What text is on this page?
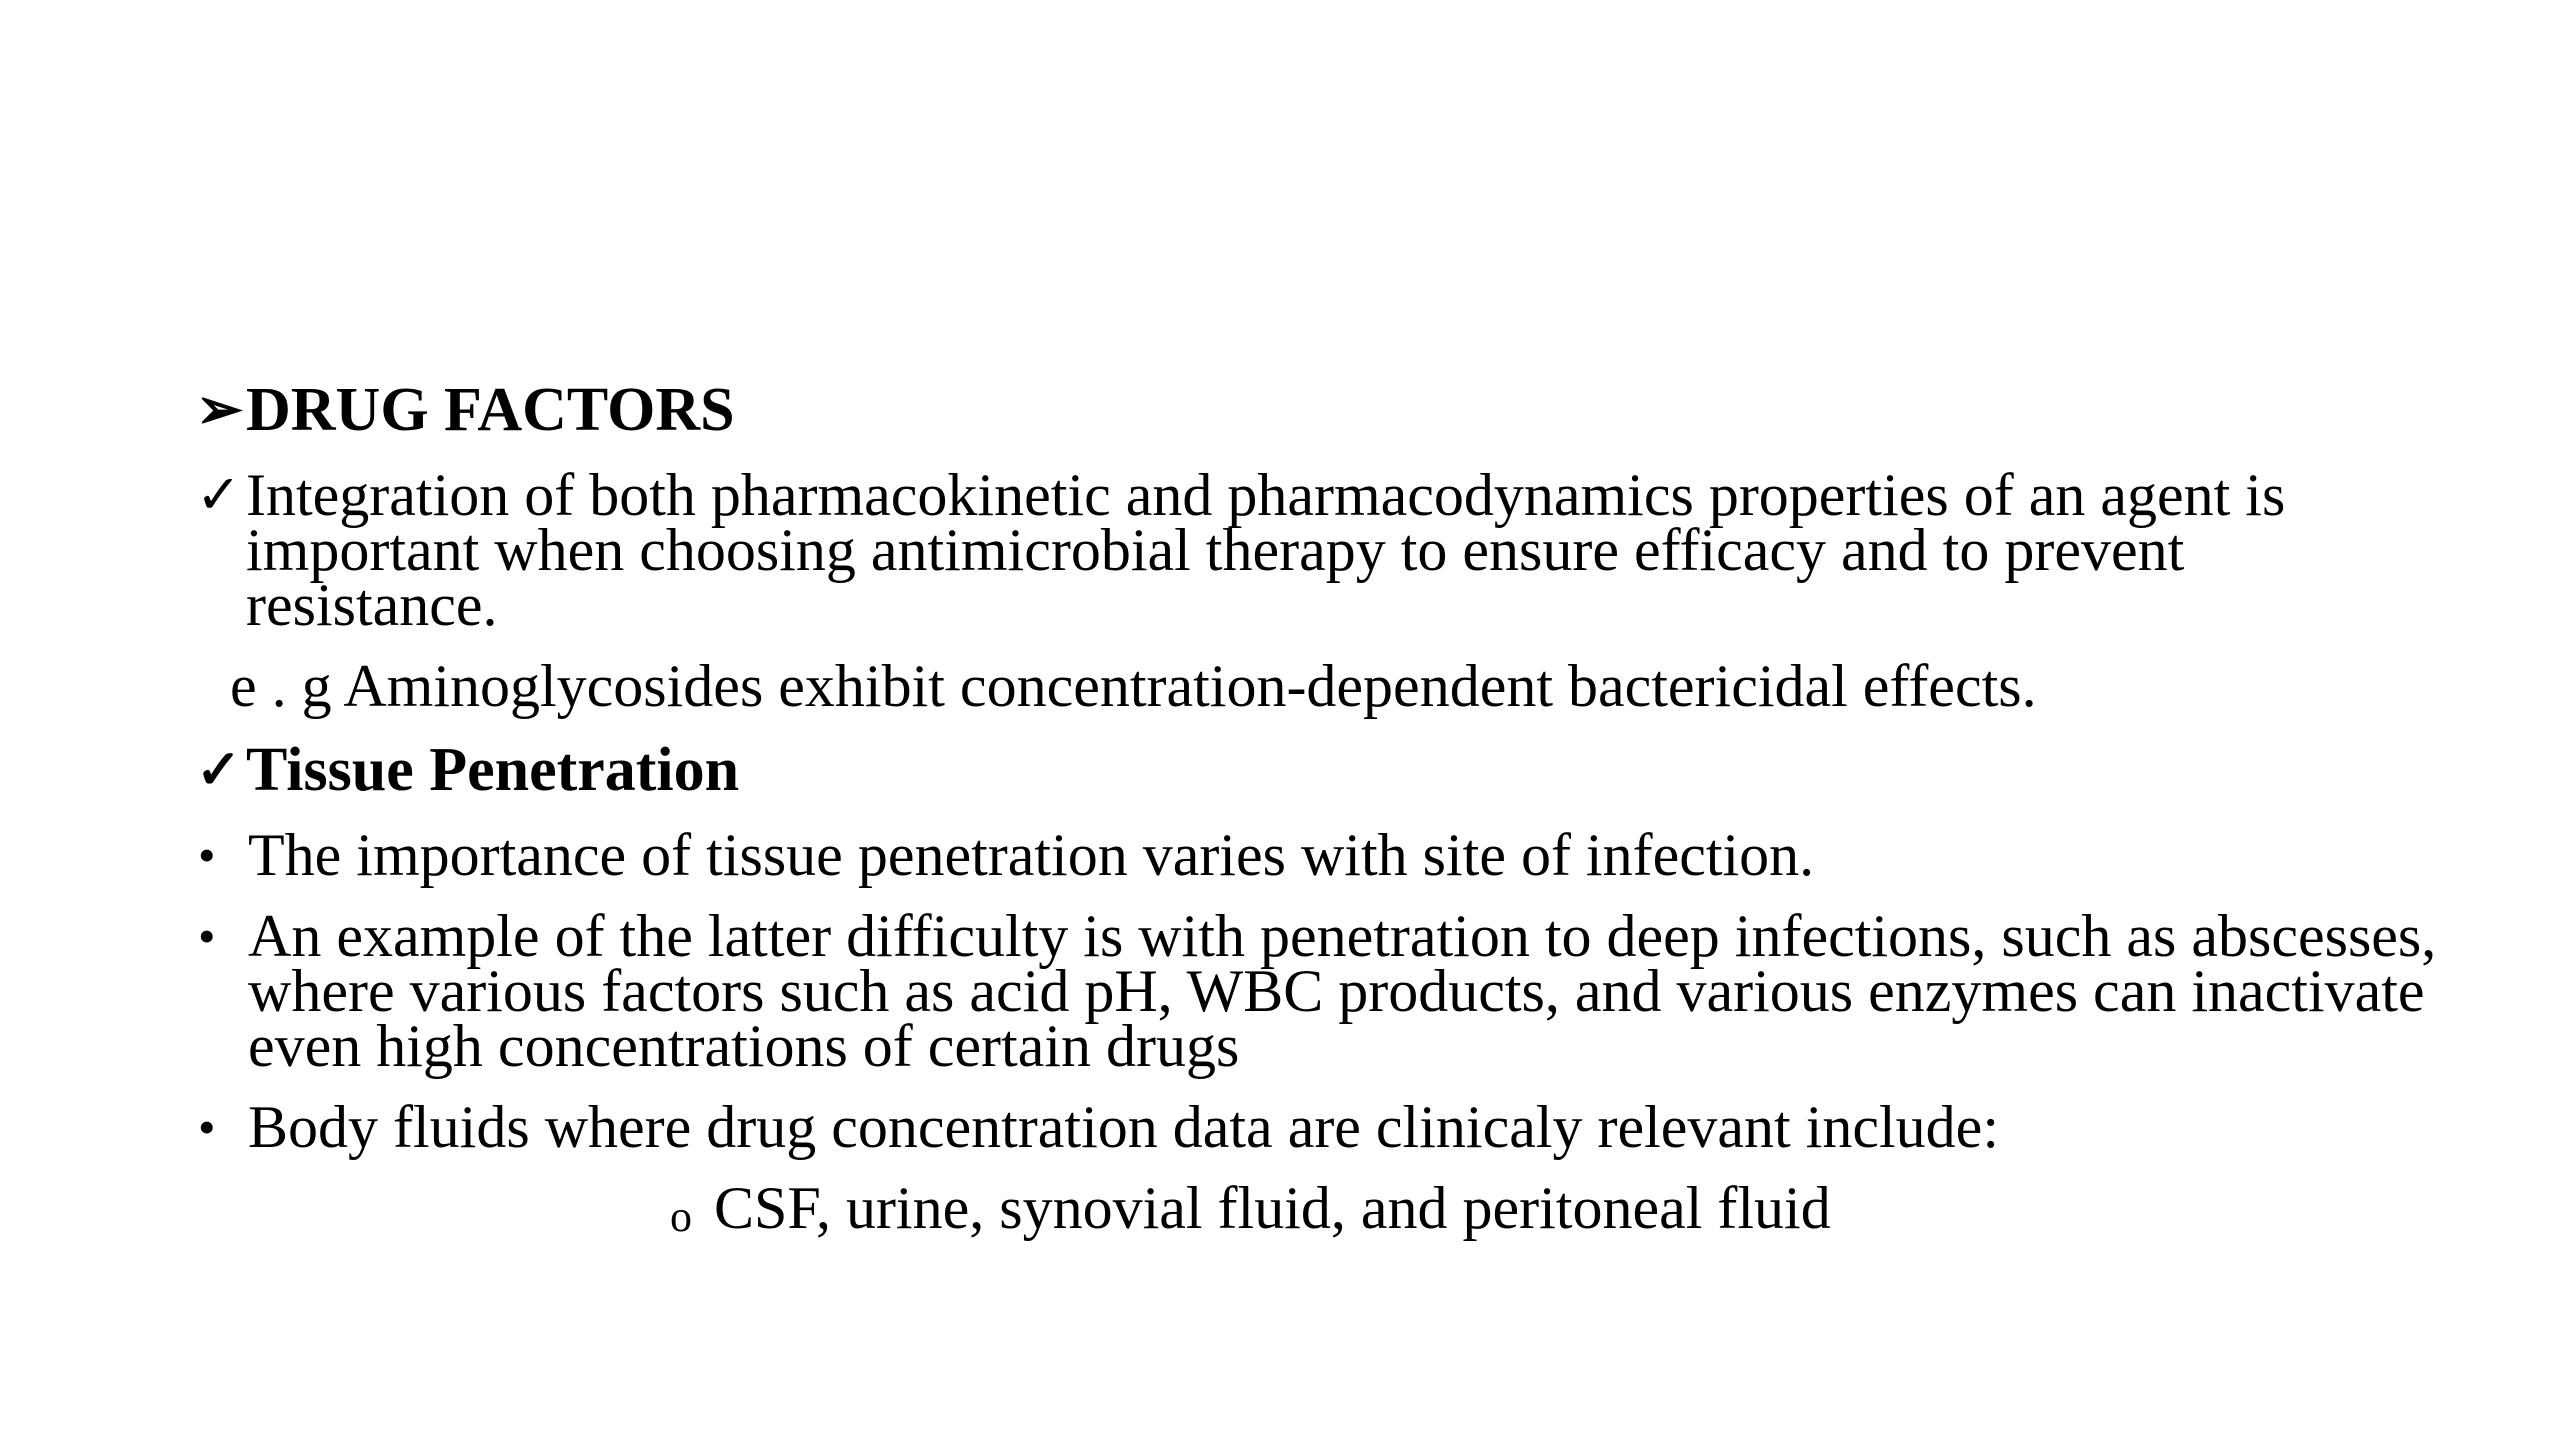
➢ DRUG FACTORS
✓ Integration of both pharmacokinetic and pharmacodynamics properties of an agent is important when choosing antimicrobial therapy to ensure efficacy and to prevent resistance.
e . g Aminoglycosides exhibit concentration-dependent bactericidal effects.
✓ Tissue Penetration
• The importance of tissue penetration varies with site of infection.
• An example of the latter difficulty is with penetration to deep infections, such as abscesses, where various factors such as acid pH, WBC products, and various enzymes can inactivate even high concentrations of certain drugs
• Body fluids where drug concentration data are clinicaly relevant include:
o CSF, urine, synovial fluid, and peritoneal fluid
